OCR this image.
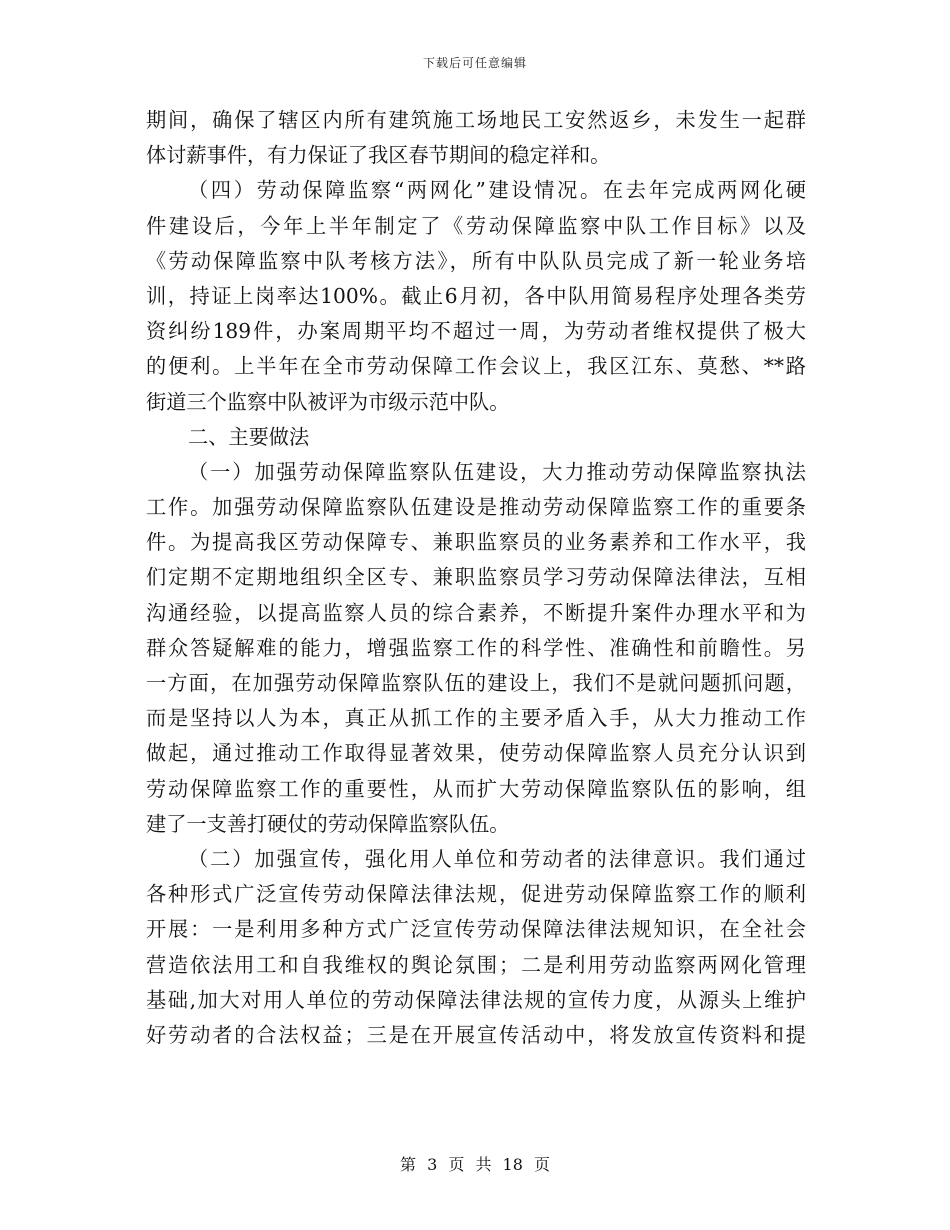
下载后可任意编辑
期间，确保了辖区内所有建筑施工场地民工安然返乡，未发生一起群
体讨薪事件，有力保证了我区春节期间的稳定祥和。
（四）劳动保障监察“两网化”建设情况。在去年完成两网化硬
件建设后，今年上半年制定了《劳动保障监察中队工作目标》以及
《劳动保障监察中队考核方法》，所有中队队员完成了新一轮业务培
训，持证上岗率达100%。截止6月初，各中队用简易程序处理各类劳
资纠纷189件，办案周期平均不超过一周，为劳动者维权提供了极大
的便利。上半年在全市劳动保障工作会议上，我区江东、莫愁、**路
街道三个监察中队被评为市级示范中队。
二、主要做法
（一）加强劳动保障监察队伍建设，大力推动劳动保障监察执法
工作。加强劳动保障监察队伍建设是推动劳动保障监察工作的重要条
件。为提高我区劳动保障专、兼职监察员的业务素养和工作水平，我
们定期不定期地组织全区专、兼职监察员学习劳动保障法律法，互相
沟通经验，以提高监察人员的综合素养，不断提升案件办理水平和为
群众答疑解难的能力，增强监察工作的科学性、准确性和前瞻性。另
一方面，在加强劳动保障监察队伍的建设上，我们不是就问题抓问题，
而是坚持以人为本，真正从抓工作的主要矛盾入手，从大力推动工作
做起，通过推动工作取得显著效果，使劳动保障监察人员充分认识到
劳动保障监察工作的重要性，从而扩大劳动保障监察队伍的影响，组
建了一支善打硬仗的劳动保障监察队伍。
（二）加强宣传，强化用人单位和劳动者的法律意识。我们通过
各种形式广泛宣传劳动保障法律法规，促进劳动保障监察工作的顺利
开展：一是利用多种方式广泛宣传劳动保障法律法规知识，在全社会
营造依法用工和自我维权的舆论氛围；二是利用劳动监察两网化管理
基础,加大对用人单位的劳动保障法律法规的宣传力度，从源头上维护
好劳动者的合法权益；三是在开展宣传活动中，将发放宣传资料和提
第 3 页 共 18 页
